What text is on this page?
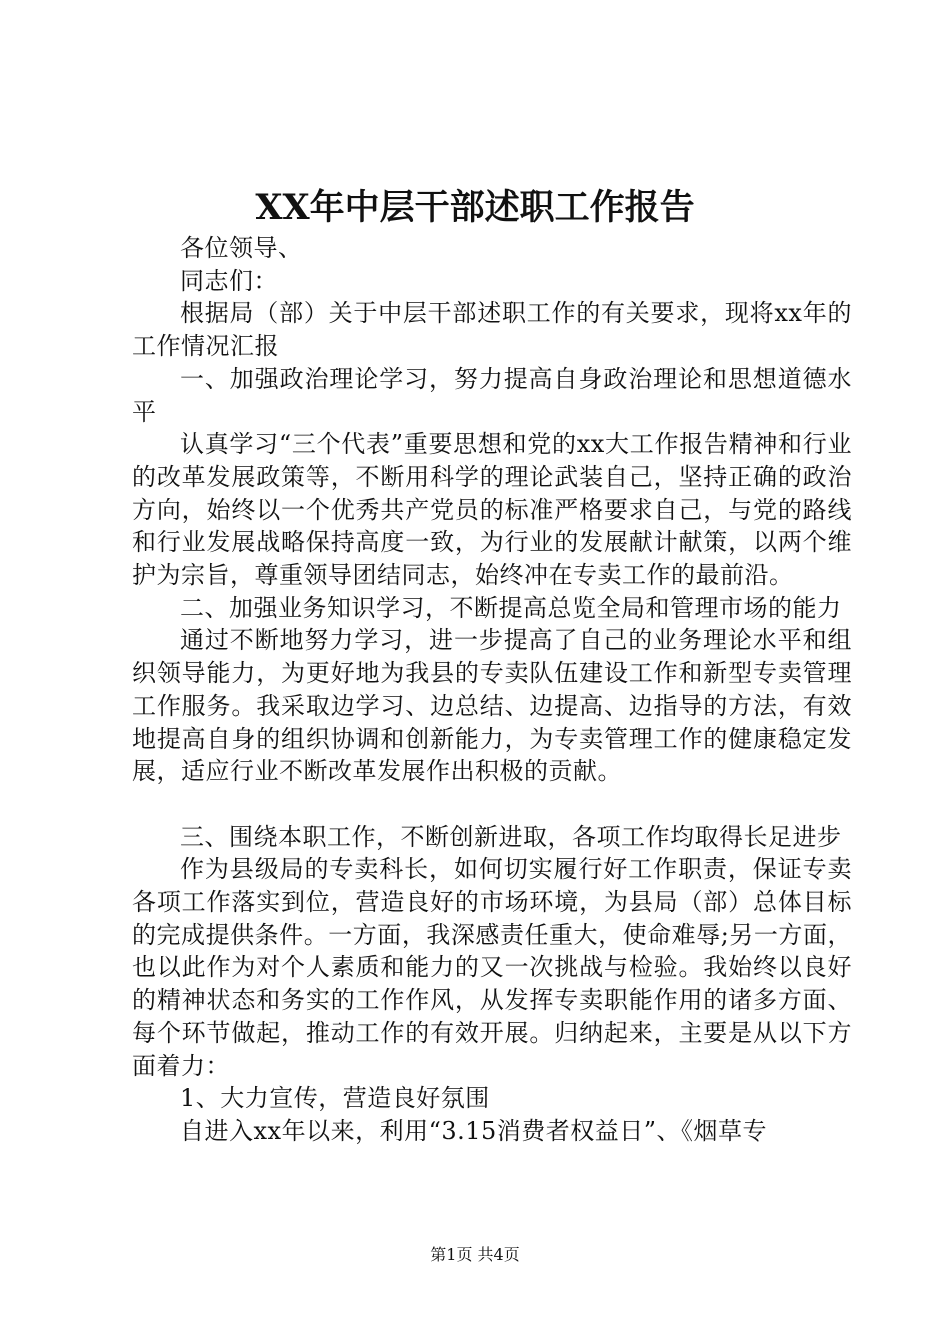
XX年中层干部述职工作报告

各位领导、

同志们：

根据局（部）关于中层干部述职工作的有关要求，现将xx年的工作情况汇报

一、加强政治理论学习，努力提高自身政治理论和思想道德水平

认真学习“三个代表”重要思想和党的xx大工作报告精神和行业的改革发展政策等，不断用科学的理论武装自己，坚持正确的政治方向，始终以一个优秀共产党员的标准严格要求自己，与党的路线和行业发展战略保持高度一致，为行业的发展献计献策，以两个维护为宗旨，尊重领导团结同志，始终冲在专卖工作的最前沿。

二、加强业务知识学习，不断提高总览全局和管理市场的能力

通过不断地努力学习，进一步提高了自己的业务理论水平和组织领导能力，为更好地为我县的专卖队伍建设工作和新型专卖管理工作服务。我采取边学习、边总结、边提高、边指导的方法，有效地提高自身的组织协调和创新能力，为专卖管理工作的健康稳定发展，适应行业不断改革发展作出积极的贡献。

三、围绕本职工作，不断创新进取，各项工作均取得长足进步

作为县级局的专卖科长，如何切实履行好工作职责，保证专卖各项工作落实到位，营造良好的市场环境，为县局（部）总体目标的完成提供条件。一方面，我深感责任重大，使命难辱;另一方面，也以此作为对个人素质和能力的又一次挑战与检验。我始终以良好的精神状态和务实的工作作风，从发挥专卖职能作用的诸多方面、每个环节做起，推动工作的有效开展。归纳起来，主要是从以下方面着力：

1、大力宣传，营造良好氛围

自进入xx年以来，利用“3.15消费者权益日”、《烟草专

第1页 共4页
